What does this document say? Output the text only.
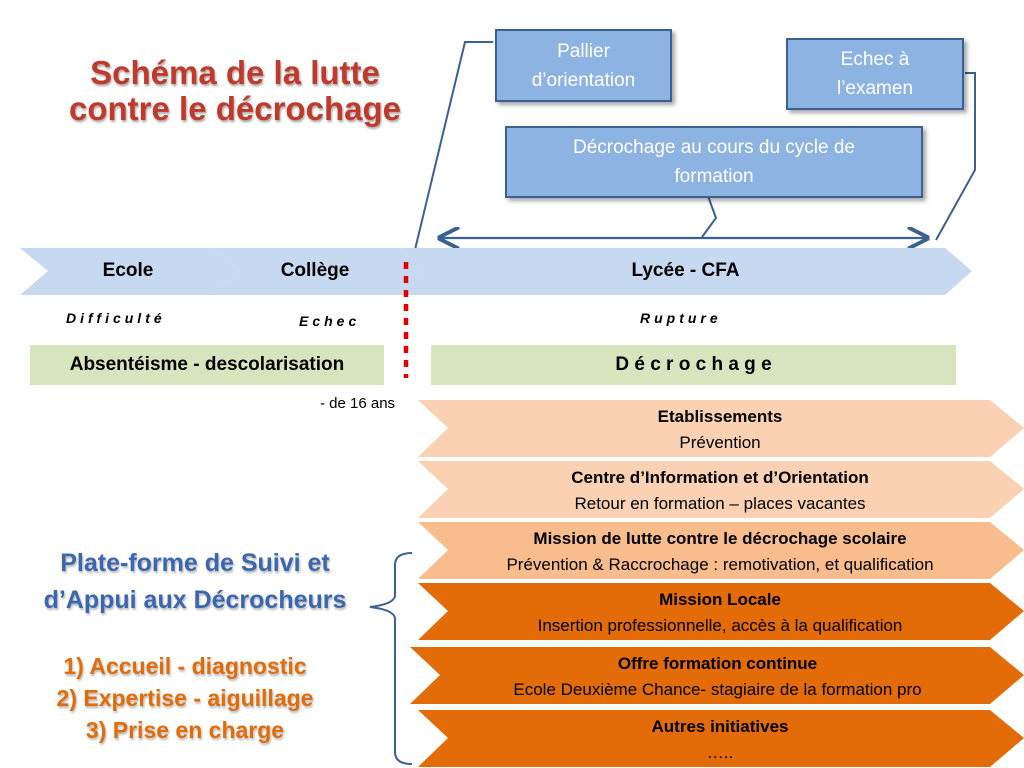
Schéma de la lutte
contre le décrochage
Pallier
d’orientation
Echec à
l’examen
Décrochage au cours du cycle de
formation
Ecole	Collège	Lycée - CFA
Difficulté	Echec	Rupture
Absentéisme - descolarisation	D é c r o c h a g e
- de 16 ans
Etablissements
Prévention
Centre d’Information et d’Orientation
Retour en formation – places vacantes
Mission de lutte contre le décrochage scolaire
Prévention & Raccrochage : remotivation, et qualification
Mission Locale
Insertion professionnelle, accès à la qualification
Offre formation continue
Ecole Deuxième Chance- stagiaire de la formation pro
Autres initiatives
…..
Plate-forme de Suivi et
d’Appui aux Décrocheurs
1) Accueil - diagnostic
2) Expertise - aiguillage
3) Prise en charge
